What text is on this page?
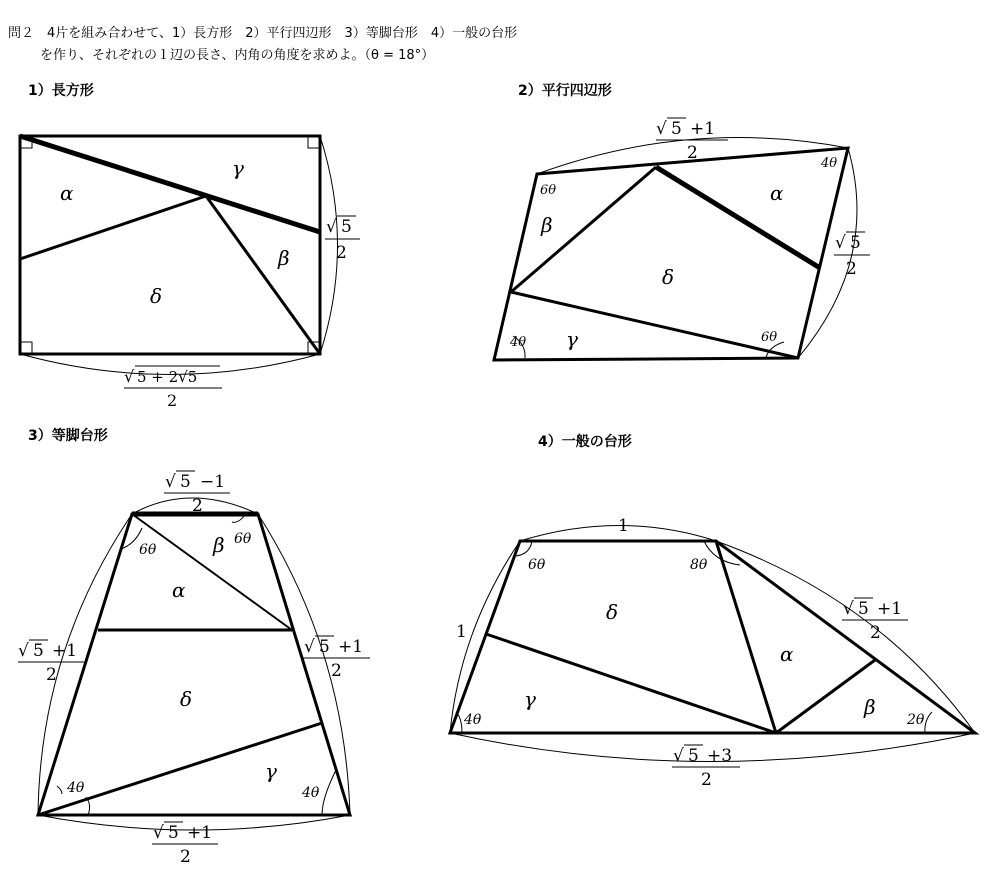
問２　4片を組み合わせて、1）長方形　2）平行四辺形　3）等脚台形　4）一般の台形
を作り、それぞれの１辺の長さ、内角の角度を求めよ。（θ = 18°）
1）長方形	2）平行四辺形
3）等脚台形	4）一般の台形
α
γ
β
δ
√ 5
2
√ 5 + 2√5
2
α
β
γ
δ
6θ
4θ
4θ	6θ
√ 5 +1
2
√ 5
2
α
β
γ
δ
6θ
6θ
4θ	4θ
√ 5 −1
2
√ 5 +1
2
√ 5 +1
2
√ 5 +1
2
α
β
γ
δ
6θ	8θ
4θ	2θ
1
1
√ 5 +1
2
√ 5 +3
2
